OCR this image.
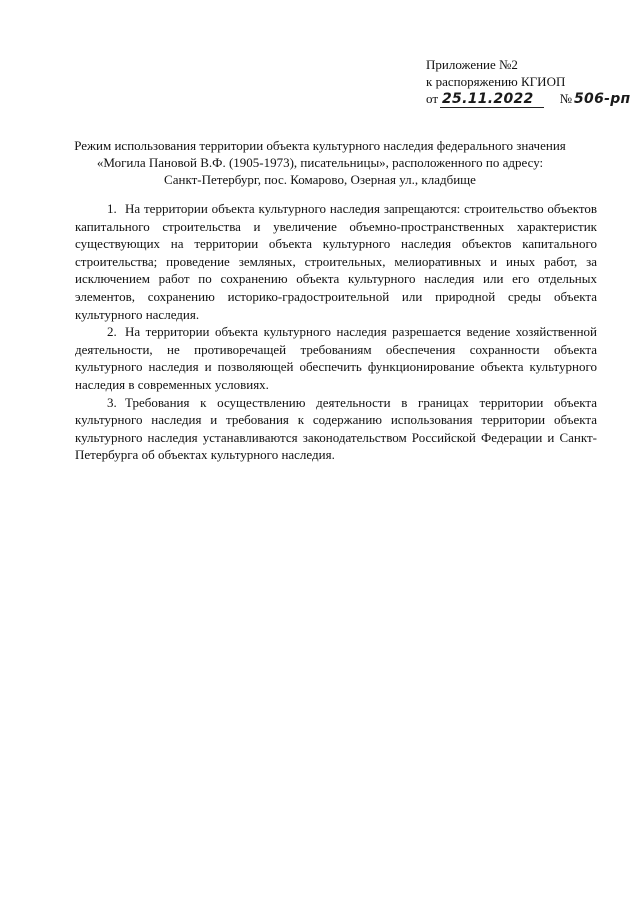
Приложение №2
к распоряжению КГИОП
от 25.11.2022 № 506-рп
Режим использования территории объекта культурного наследия федерального значения
«Могила Пановой В.Ф. (1905-1973), писательницы», расположенного по адресу:
Санкт-Петербург, пос. Комарово, Озерная ул., кладбище

1. На территории объекта культурного наследия запрещаются: строительство объектов капитального строительства и увеличение объемно-пространственных характеристик существующих на территории объекта культурного наследия объектов капитального строительства; проведение земляных, строительных, мелиоративных и иных работ, за исключением работ по сохранению объекта культурного наследия или его отдельных элементов, сохранению историко-градостроительной или природной среды объекта культурного наследия.

2. На территории объекта культурного наследия разрешается ведение хозяйственной деятельности, не противоречащей требованиям обеспечения сохранности объекта культурного наследия и позволяющей обеспечить функционирование объекта культурного наследия в современных условиях.

3. Требования к осуществлению деятельности в границах территории объекта культурного наследия и требования к содержанию использования территории объекта культурного наследия устанавливаются законодательством Российской Федерации и Санкт-Петербурга об объектах культурного наследия.
